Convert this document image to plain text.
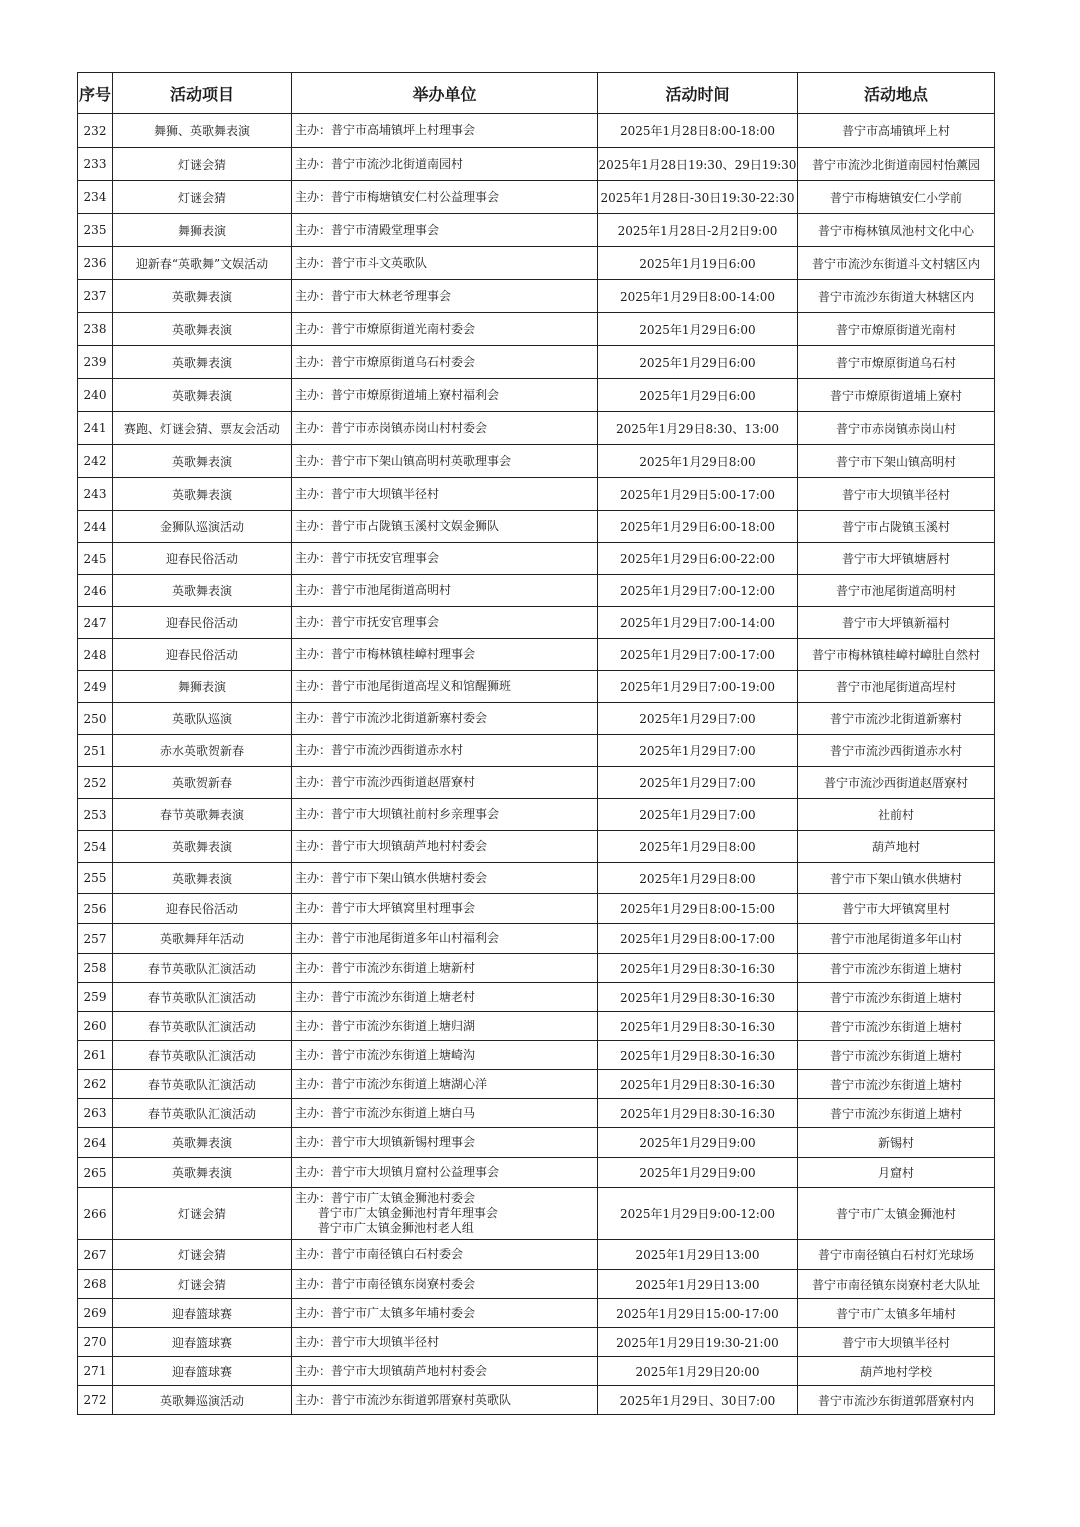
序号	活动项目	举办单位	活动时间	活动地点
232	舞狮、英歌舞表演	主办：普宁市高埔镇坪上村理事会	2025年1月28日8:00-18:00	普宁市高埔镇坪上村
233	灯谜会猜	主办：普宁市流沙北街道南园村	2025年1月28日19:30、29日19:30	普宁市流沙北街道南园村怡薰园
234	灯谜会猜	主办：普宁市梅塘镇安仁村公益理事会	2025年1月28日-30日19:30-22:30	普宁市梅塘镇安仁小学前
235	舞狮表演	主办：普宁市清殿堂理事会	2025年1月28日-2月2日9:00	普宁市梅林镇凤池村文化中心
236	迎新春“英歌舞”文娱活动	主办：普宁市斗文英歌队	2025年1月19日6:00	普宁市流沙东街道斗文村辖区内
237	英歌舞表演	主办：普宁市大林老爷理事会	2025年1月29日8:00-14:00	普宁市流沙东街道大林辖区内
238	英歌舞表演	主办：普宁市燎原街道光南村委会	2025年1月29日6:00	普宁市燎原街道光南村
239	英歌舞表演	主办：普宁市燎原街道乌石村委会	2025年1月29日6:00	普宁市燎原街道乌石村
240	英歌舞表演	主办：普宁市燎原街道埔上寮村福利会	2025年1月29日6:00	普宁市燎原街道埔上寮村
241	赛跑、灯谜会猜、票友会活动	主办：普宁市赤岗镇赤岗山村村委会	2025年1月29日8:30、13:00	普宁市赤岗镇赤岗山村
242	英歌舞表演	主办：普宁市下架山镇高明村英歌理事会	2025年1月29日8:00	普宁市下架山镇高明村
243	英歌舞表演	主办：普宁市大坝镇半径村	2025年1月29日5:00-17:00	普宁市大坝镇半径村
244	金狮队巡演活动	主办：普宁市占陇镇玉溪村文娱金狮队	2025年1月29日6:00-18:00	普宁市占陇镇玉溪村
245	迎春民俗活动	主办：普宁市抚安官理事会	2025年1月29日6:00-22:00	普宁市大坪镇塘唇村
246	英歌舞表演	主办：普宁市池尾街道高明村	2025年1月29日7:00-12:00	普宁市池尾街道高明村
247	迎春民俗活动	主办：普宁市抚安官理事会	2025年1月29日7:00-14:00	普宁市大坪镇新福村
248	迎春民俗活动	主办：普宁市梅林镇桂嶂村理事会	2025年1月29日7:00-17:00	普宁市梅林镇桂嶂村嶂肚自然村
249	舞狮表演	主办：普宁市池尾街道高埕义和馆醒狮班	2025年1月29日7:00-19:00	普宁市池尾街道高埕村
250	英歌队巡演	主办：普宁市流沙北街道新寨村委会	2025年1月29日7:00	普宁市流沙北街道新寨村
251	赤水英歌贺新春	主办：普宁市流沙西街道赤水村	2025年1月29日7:00	普宁市流沙西街道赤水村
252	英歌贺新春	主办：普宁市流沙西街道赵厝寮村	2025年1月29日7:00	普宁市流沙西街道赵厝寮村
253	春节英歌舞表演	主办：普宁市大坝镇社前村乡亲理事会	2025年1月29日7:00	社前村
254	英歌舞表演	主办：普宁市大坝镇葫芦地村村委会	2025年1月29日8:00	葫芦地村
255	英歌舞表演	主办：普宁市下架山镇水供塘村委会	2025年1月29日8:00	普宁市下架山镇水供塘村
256	迎春民俗活动	主办：普宁市大坪镇窝里村理事会	2025年1月29日8:00-15:00	普宁市大坪镇窝里村
257	英歌舞拜年活动	主办：普宁市池尾街道多年山村福利会	2025年1月29日8:00-17:00	普宁市池尾街道多年山村
258	春节英歌队汇演活动	主办：普宁市流沙东街道上塘新村	2025年1月29日8:30-16:30	普宁市流沙东街道上塘村
259	春节英歌队汇演活动	主办：普宁市流沙东街道上塘老村	2025年1月29日8:30-16:30	普宁市流沙东街道上塘村
260	春节英歌队汇演活动	主办：普宁市流沙东街道上塘归湖	2025年1月29日8:30-16:30	普宁市流沙东街道上塘村
261	春节英歌队汇演活动	主办：普宁市流沙东街道上塘崎沟	2025年1月29日8:30-16:30	普宁市流沙东街道上塘村
262	春节英歌队汇演活动	主办：普宁市流沙东街道上塘湖心洋	2025年1月29日8:30-16:30	普宁市流沙东街道上塘村
263	春节英歌队汇演活动	主办：普宁市流沙东街道上塘白马	2025年1月29日8:30-16:30	普宁市流沙东街道上塘村
264	英歌舞表演	主办：普宁市大坝镇新锡村理事会	2025年1月29日9:00	新锡村
265	英歌舞表演	主办：普宁市大坝镇月窟村公益理事会	2025年1月29日9:00	月窟村
266	灯谜会猜	主办：普宁市广太镇金狮池村委会
普宁市广太镇金狮池村青年理事会
普宁市广太镇金狮池村老人组	2025年1月29日9:00-12:00	普宁市广太镇金狮池村
267	灯谜会猜	主办：普宁市南径镇白石村委会	2025年1月29日13:00	普宁市南径镇白石村灯光球场
268	灯谜会猜	主办：普宁市南径镇东岗寮村委会	2025年1月29日13:00	普宁市南径镇东岗寮村老大队址
269	迎春篮球赛	主办：普宁市广太镇多年埔村委会	2025年1月29日15:00-17:00	普宁市广太镇多年埔村
270	迎春篮球赛	主办：普宁市大坝镇半径村	2025年1月29日19:30-21:00	普宁市大坝镇半径村
271	迎春篮球赛	主办：普宁市大坝镇葫芦地村村委会	2025年1月29日20:00	葫芦地村学校
272	英歌舞巡演活动	主办：普宁市流沙东街道郭厝寮村英歌队	2025年1月29日、30日7:00	普宁市流沙东街道郭厝寮村内
